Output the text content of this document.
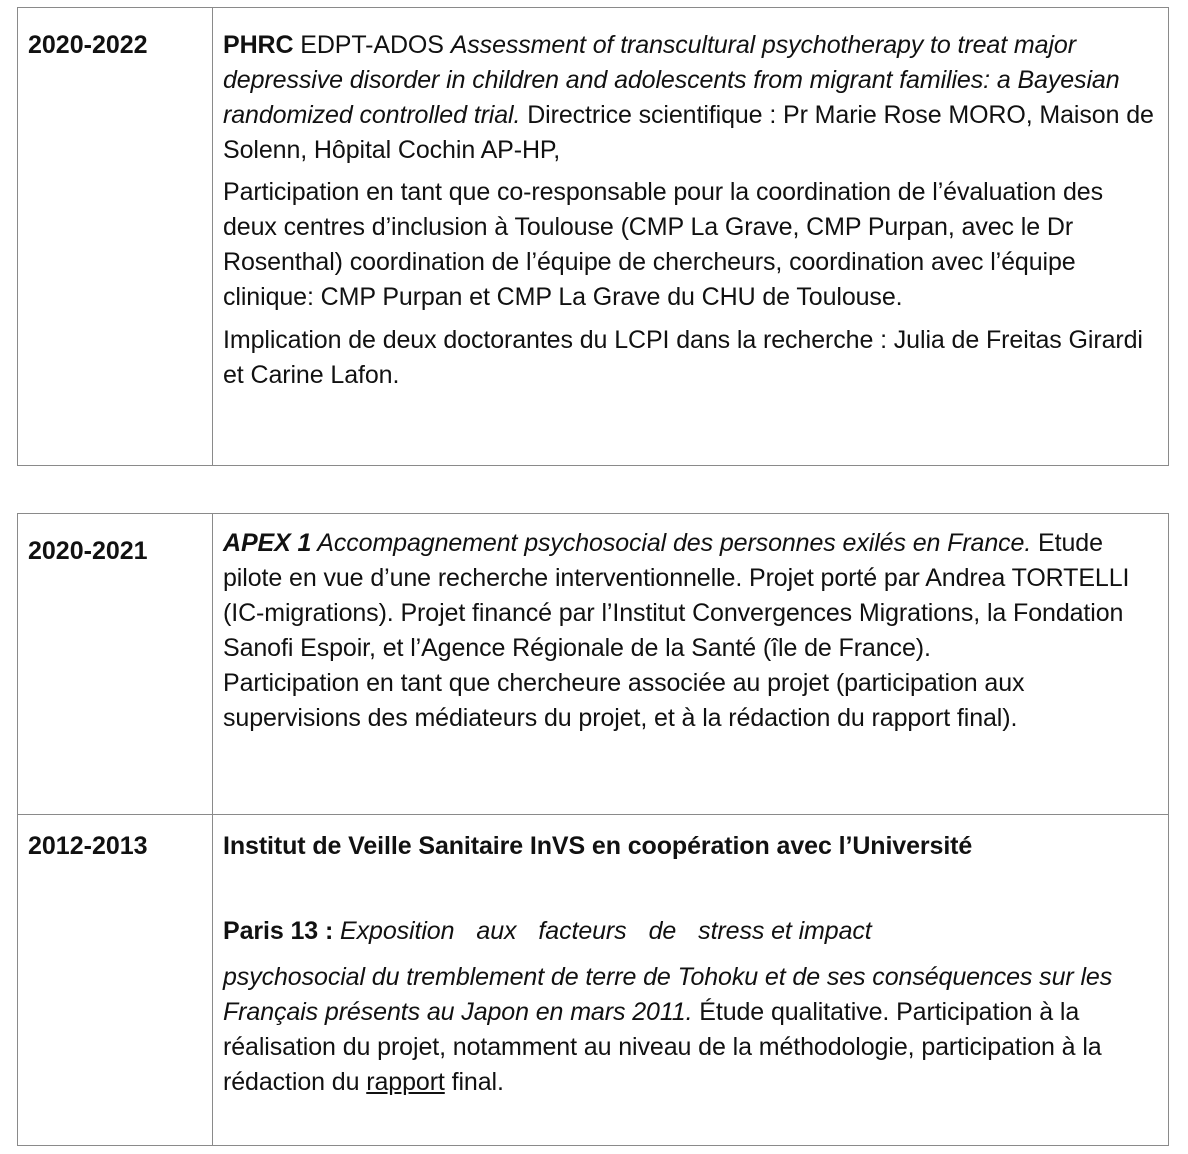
2020-2022	PHRC EDPT-ADOS Assessment of transcultural psychotherapy to treat major depressive disorder in children and adolescents from migrant families: a Bayesian randomized controlled trial. Directrice scientifique : Pr Marie Rose MORO, Maison de Solenn, Hôpital Cochin AP-HP,

Participation en tant que co-responsable pour la coordination de l’évaluation des deux centres d’inclusion à Toulouse (CMP La Grave, CMP Purpan, avec le Dr Rosenthal) coordination de l’équipe de chercheurs, coordination avec l’équipe clinique: CMP Purpan et CMP La Grave du CHU de Toulouse.

Implication de deux doctorantes du LCPI dans la recherche : Julia de Freitas Girardi et Carine Lafon.

2020-2021	APEX 1 Accompagnement psychosocial des personnes exilés en France. Etude pilote en vue d’une recherche interventionnelle. Projet porté par Andrea TORTELLI (IC-migrations). Projet financé par l’Institut Convergences Migrations, la Fondation Sanofi Espoir, et l’Agence Régionale de la Santé (île de France).

Participation en tant que chercheure associée au projet (participation aux supervisions des médiateurs du projet, et à la rédaction du rapport final).

2012-2013	Institut de Veille Sanitaire InVS en coopération avec l’Université

Paris 13 : Exposition aux facteurs de stress et impact

psychosocial du tremblement de terre de Tohoku et de ses conséquences sur les Français présents au Japon en mars 2011. Étude qualitative. Participation à la réalisation du projet, notamment au niveau de la méthodologie, participation à la rédaction du rapport final.
